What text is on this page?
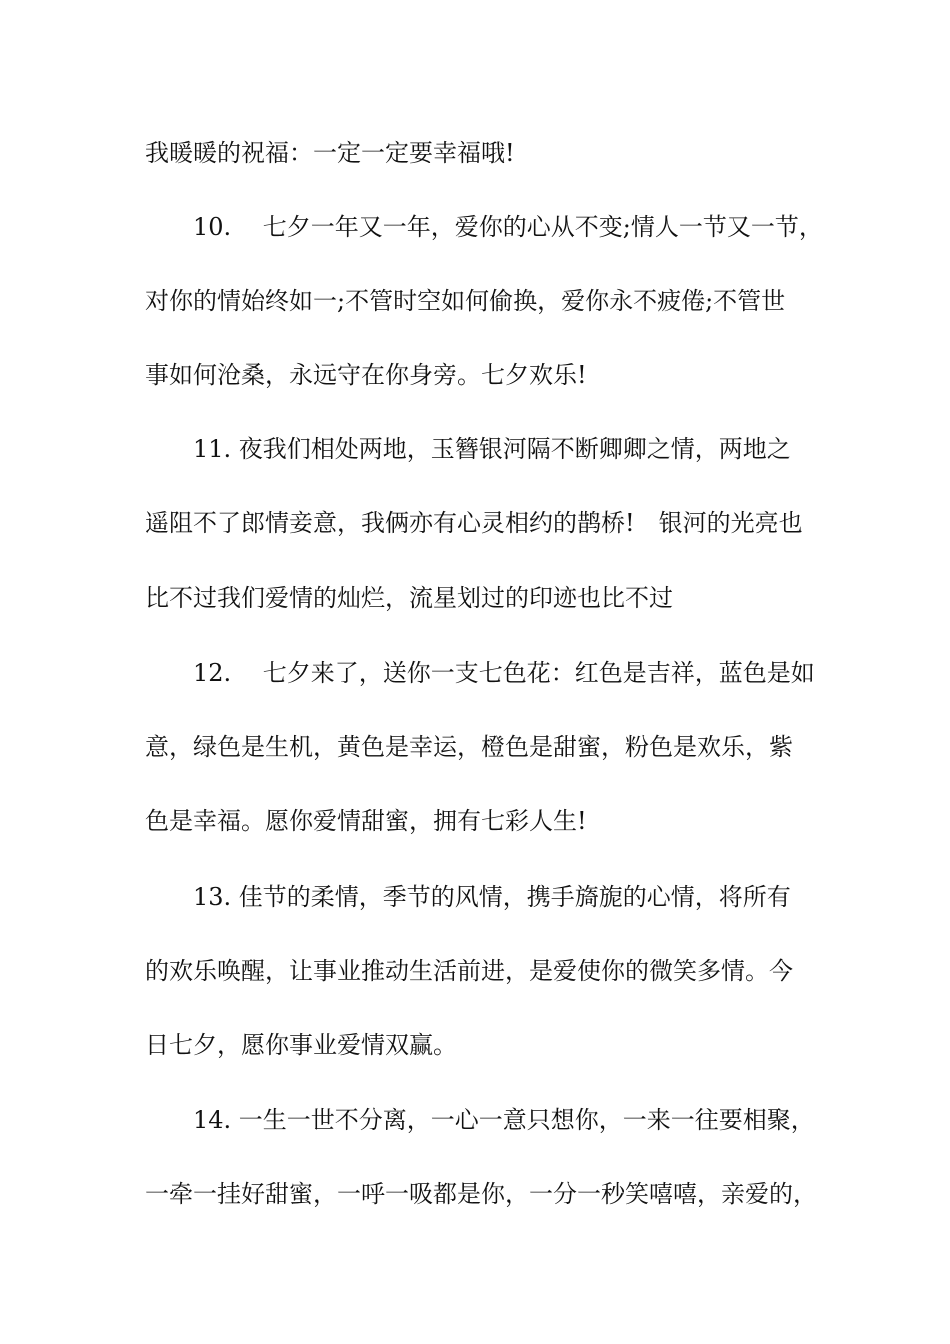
我暖暖的祝福：一定一定要幸福哦!
10.　 七夕一年又一年，爱你的心从不变;情人一节又一节，
对你的情始终如一;不管时空如何偷换，爱你永不疲倦;不管世
事如何沧桑，永远守在你身旁。七夕欢乐!
11. 夜我们相处两地，玉簪银河隔不断卿卿之情，两地之
遥阻不了郎情妾意，我俩亦有心灵相约的鹊桥!　银河的光亮也
比不过我们爱情的灿烂，流星划过的印迹也比不过
12.　 七夕来了，送你一支七色花：红色是吉祥，蓝色是如
意，绿色是生机，黄色是幸运，橙色是甜蜜，粉色是欢乐，紫
色是幸福。愿你爱情甜蜜，拥有七彩人生!
13. 佳节的柔情，季节的风情，携手旖旎的心情，将所有
的欢乐唤醒，让事业推动生活前进，是爱使你的微笑多情。今
日七夕，愿你事业爱情双赢。
14. 一生一世不分离，一心一意只想你，一来一往要相聚，
一牵一挂好甜蜜，一呼一吸都是你，一分一秒笑嘻嘻，亲爱的，
